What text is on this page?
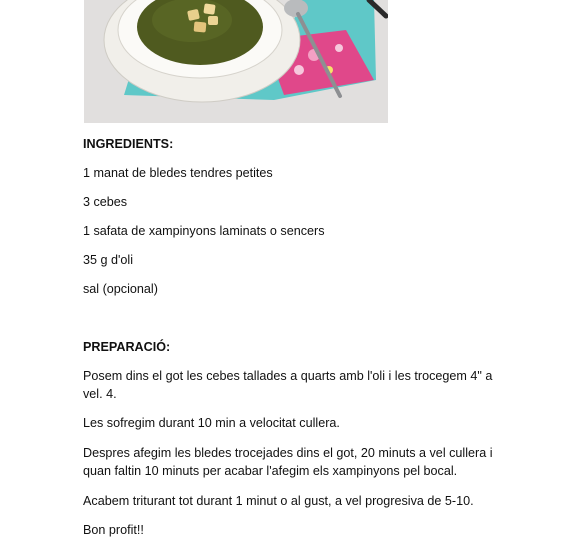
INGREDIENTS:

1 manat de bledes tendres petites

3 cebes

1 safata de xampinyons laminats o sencers

35 g d'oli

sal (opcional)

PREPARACIÓ:

Posem dins el got les cebes tallades a quarts amb l'oli i les trocegem 4" a vel. 4.

Les sofregim durant 10 min a velocitat cullera.

Despres afegim les bledes trocejades dins el got, 20 minuts a vel cullera i quan faltin 10 minuts per acabar l'afegim els xampinyons pel bocal.

Acabem triturant tot durant 1 minut o al gust, a vel progresiva de 5-10.

Bon profit!!
